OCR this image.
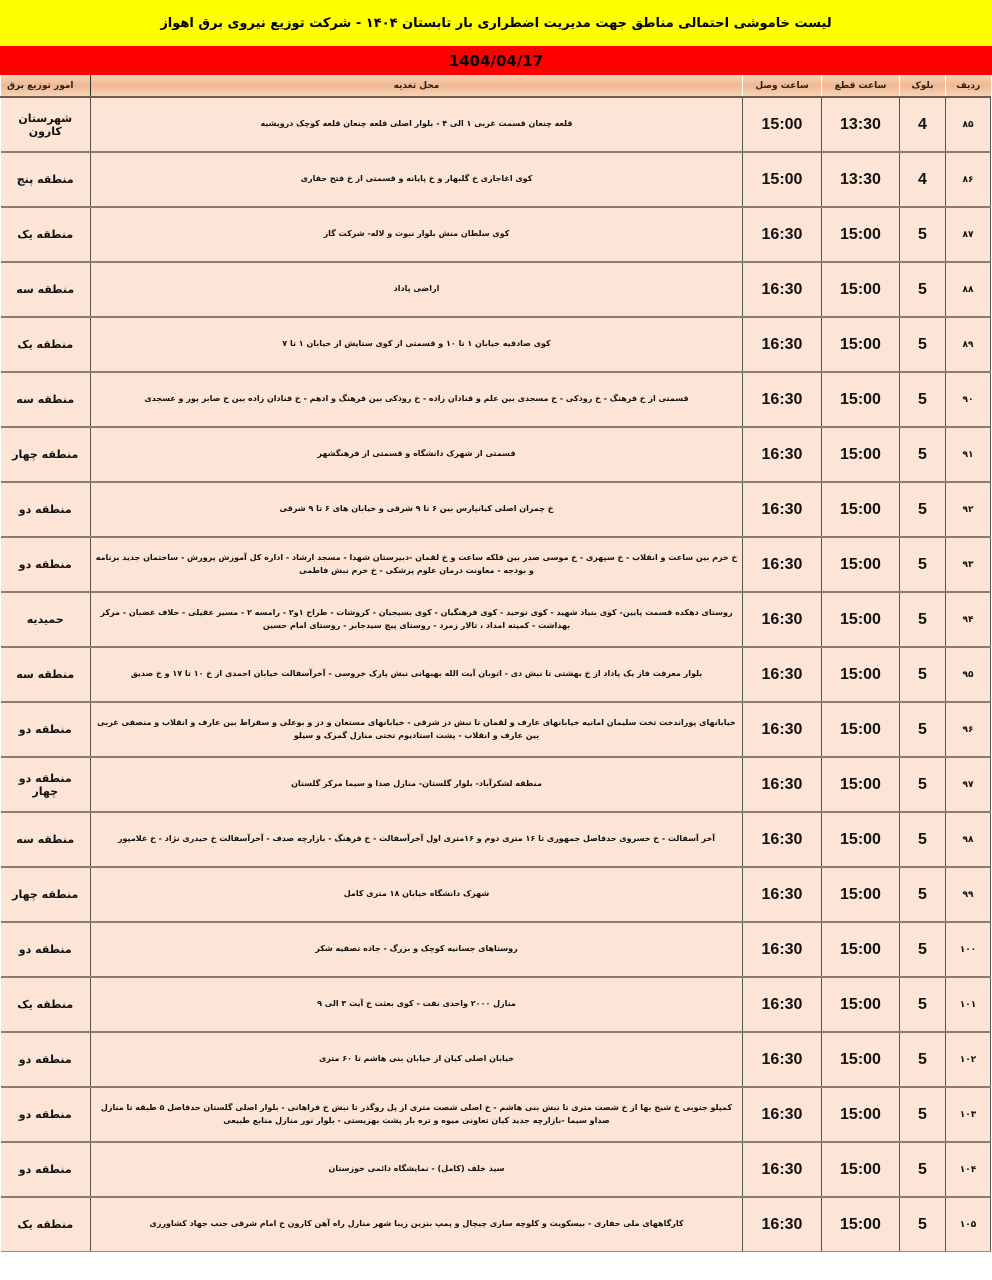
لیست خاموشی احتمالی مناطق جهت مدیریت اضطراری بار تابستان ۱۴۰۴ - شرکت توزیع نیروی برق اهواز
1404/04/17
امور توزیع برق	محل تغذیه	ساعت وصل	ساعت قطع	بلوک	ردیف
شهرستان کارون	قلعه چنعان قسمت غربی ۱ الی ۴ - بلوار اصلی قلعه چنعان قلعه کوچک درویشیه	15:00	13:30	4	۸۵
منطقه پنج	کوی اغاجاری خ گلبهار و خ پایانه و قسمتی از خ فتح حفاری	15:00	13:30	4	۸۶
منطقه یک	کوی سلطان منش بلوار نبوت و لاله- شرکت گاز	16:30	15:00	5	۸۷
منطقه سه	اراضی پاداد	16:30	15:00	5	۸۸
منطقه یک	کوی صادقیه خیابان ۱ تا ۱۰ و قسمتی از کوی ستایش از خیابان ۱ تا ۷	16:30	15:00	5	۸۹
منطقه سه	قسمتی از خ فرهنگ - خ رودکی - خ مسجدی بین علم و قنادان زاده - خ رودکی بین فرهنگ و ادهم - خ قنادان زاده بین خ صابر پور و عسجدی	16:30	15:00	5	۹۰
منطقه چهار	قسمتی از شهرک دانشگاه و قسمتی از فرهنگشهر	16:30	15:00	5	۹۱
منطقه دو	خ چمران اصلی کیانپارس بین ۶ تا ۹ شرقی و خیابان های ۶ تا ۹ شرقی	16:30	15:00	5	۹۲
منطقه دو	خ خرم بین ساعت و انقلاب - خ سپهری - خ موسی صدر بین فلکه ساعت و خ لقمان -دبیرستان شهدا - مسجد ارشاد - اداره کل آموزش پرورش - ساختمان جدید برنامه و بودجه - معاونت درمان علوم پزشکی - خ خرم نبش فاطمی	16:30	15:00	5	۹۳
حمیدیه	روستای دهکده قسمت پایین- کوی بنیاد شهید - کوی توحید - کوی فرهنگیان - کوی بسیجیان - کروشات - طراح ۱و۲ - رامسه ۲ - مسیر عقیلی - حلاف غضبان - مرکز بهداشت - کمیته امداد ، تالار زمرد - روستای پیچ سیدجابر - روستای امام حسین	16:30	15:00	5	۹۴
منطقه سه	بلوار معرفت فاز یک پاداد از خ بهشتی تا نبش دی - اتوبان آیت الله بهبهانی نبش پارک خروسی - آخرآسفالت خیابان احمدی از خ ۱۰ تا ۱۷ و خ صدیق	16:30	15:00	5	۹۵
منطقه دو	خیابانهای پوراندخت تخت سلیمان امانیه خیابانهای عارف و لقمان تا نبش دز شرقی - خیابانهای مستعان و دز و بوعلی و سقراط بین عارف و انقلاب و منصفی غربی بین عارف و انقلاب - پشت استادیوم تختی منازل گمرک و سیلو	16:30	15:00	5	۹۶
منطقه دو چهار	منطقه لشکرآباد- بلوار گلستان- منازل صدا و سیما مرکز گلستان	16:30	15:00	5	۹۷
منطقه سه	آخر آسفالت - خ خسروی حدفاصل جمهوری تا ۱۶ متری دوم و ۱۶متری اول آخرآسفالت - خ فرهنگ - بازارچه صدف - آخرآسفالت خ حیدری نژاد - خ غلامپور	16:30	15:00	5	۹۸
منطقه چهار	شهرک دانشگاه خیابان ۱۸ متری کامل	16:30	15:00	5	۹۹
منطقه دو	روستاهای جسانیه کوچک و بزرگ - جاده تصفیه شکر	16:30	15:00	5	۱۰۰
منطقه یک	منازل ۲۰۰۰ واحدی نفت - کوی بعثت خ آیت ۳ الی ۹	16:30	15:00	5	۱۰۱
منطقه دو	خیابان اصلی کیان از خیابان بنی هاشم تا ۶۰ متری	16:30	15:00	5	۱۰۲
منطقه دو	کمپلو جنوبی خ شیخ بها از خ شصت متری تا نبش بنی هاشم - خ اصلی شصت متری از پل روگذر تا نبش خ فراهانی - بلوار اصلی گلستان حدفاصل ۵ طبقه تا منازل صداو سیما -بازارچه جدید کیان تعاونی میوه و تره بار پشت بهزیستی - بلوار نور منازل منابع طبیعی	16:30	15:00	5	۱۰۳
منطقه دو	سید خلف (کامل) - نمایشگاه دائمی خوزستان	16:30	15:00	5	۱۰۴
منطقه یک	کارگاههای ملی حفاری - بیسکویت و کلوچه سازی چیچال و پمپ بنزین زیبا شهر منازل راه آهن کارون خ امام شرقی جنب جهاد کشاورزی	16:30	15:00	5	۱۰۵
